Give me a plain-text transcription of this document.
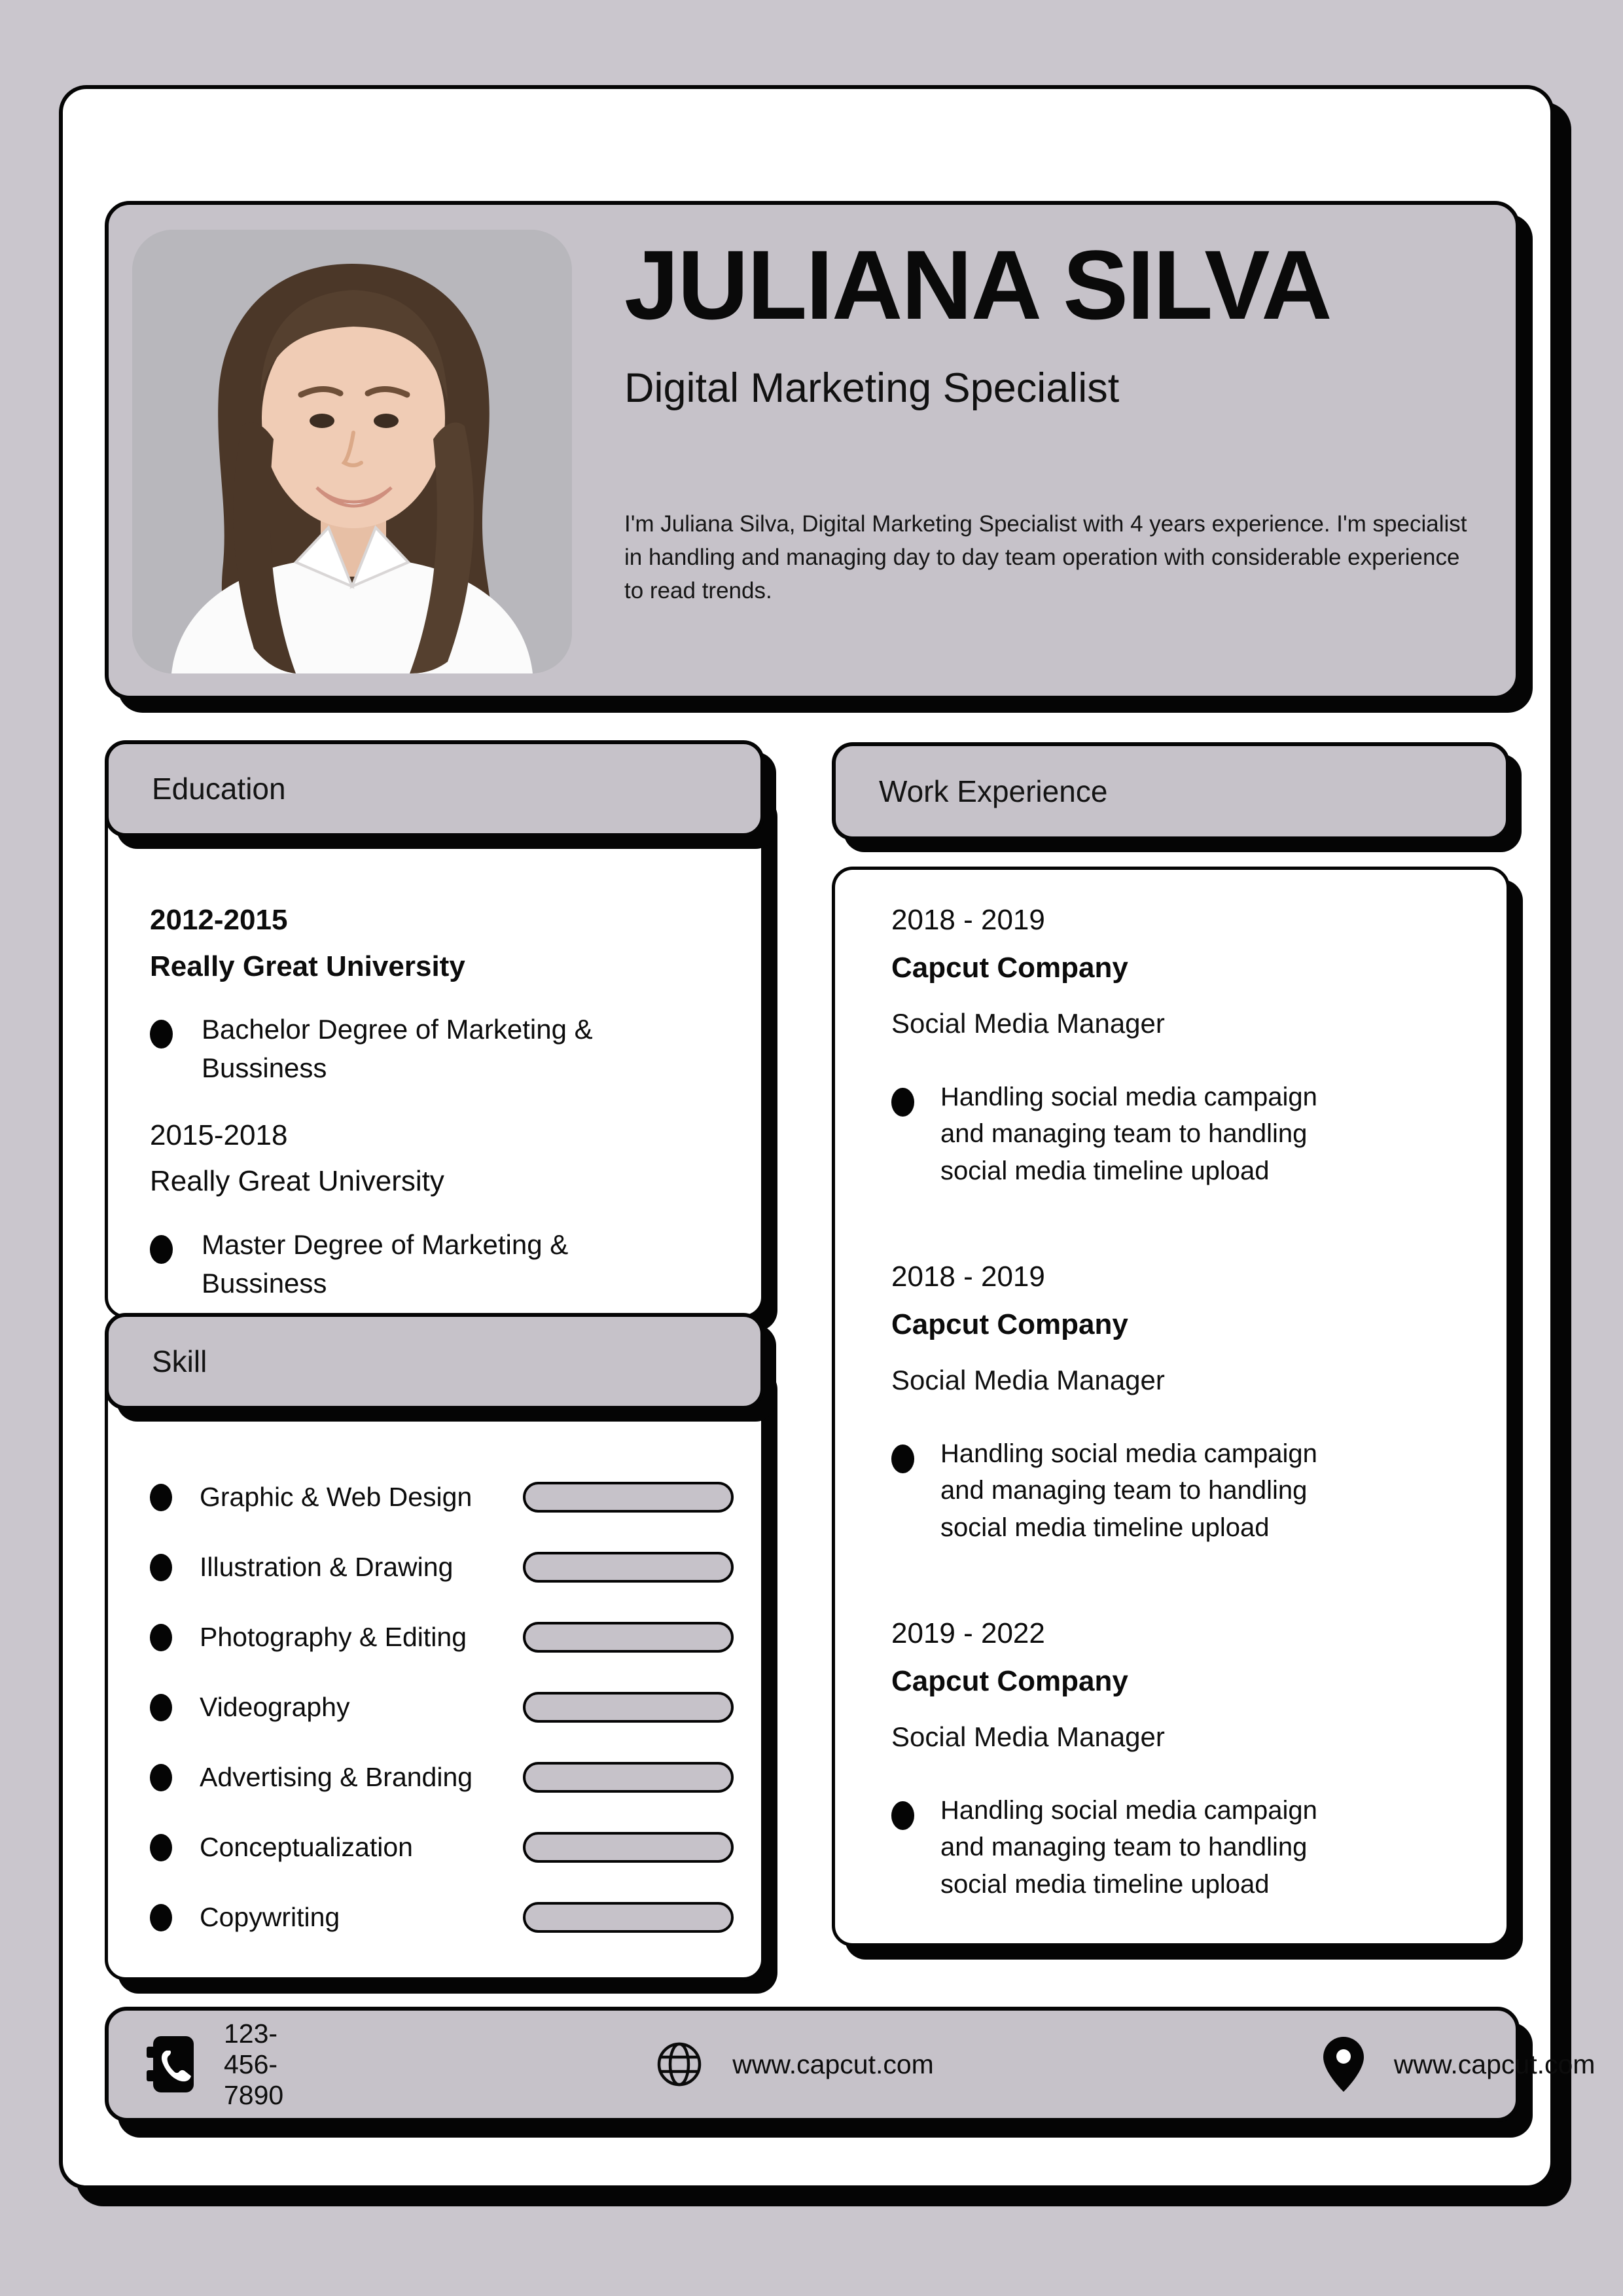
JULIANA SILVA
Digital Marketing Specialist
I'm Juliana Silva, Digital Marketing Specialist with 4 years experience. I'm specialist in handling and managing day to day team operation with considerable experience to read trends.
Education
2012-2015
Really Great University
Bachelor Degree of Marketing & Bussiness
2015-2018
Really Great University
Master Degree of Marketing & Bussiness
Skill
Graphic & Web Design
Illustration & Drawing
Photography & Editing
Videography
Advertising & Branding
Conceptualization
Copywriting
Work Experience
2018 - 2019
Capcut Company
Social Media Manager
Handling social media campaign and managing team to handling social media timeline upload
2018 - 2019
Capcut Company
Social Media Manager
Handling social media campaign and managing team to handling social media timeline upload
2019 - 2022
Capcut Company
Social Media Manager
Handling social media campaign and managing team to handling social media timeline upload
123-456-7890
www.capcut.com	www.capcut.com
